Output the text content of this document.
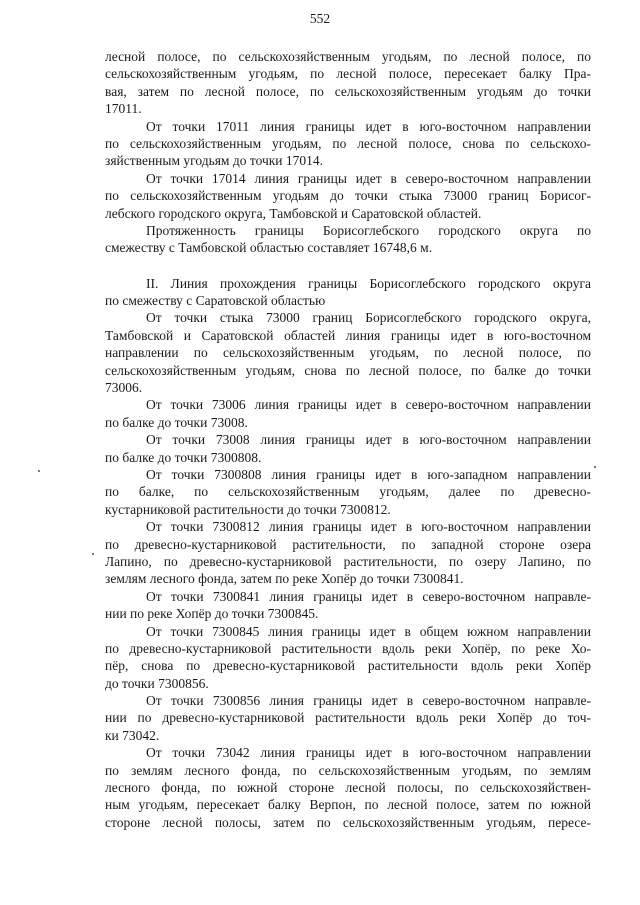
552
лесной полосе, по сельскохозяйственным угодьям, по лесной полосе, по
сельскохозяйственным угодьям, по лесной полосе, пересекает балку Пра-
вая, затем по лесной полосе, по сельскохозяйственным угодьям до точки
17011.
От точки 17011 линия границы идет в юго-восточном направлении
по сельскохозяйственным угодьям, по лесной полосе, снова по сельскохо-
зяйственным угодьям до точки 17014.
От точки 17014 линия границы идет в северо-восточном направлении
по сельскохозяйственным угодьям до точки стыка 73000 границ Борисог-
лебского городского округа, Тамбовской и Саратовской областей.
Протяженность границы Борисоглебского городского округа по
смежеству с Тамбовской областью составляет 16748,6 м.
II. Линия прохождения границы Борисоглебского городского округа
по смежеству с Саратовской областью
От точки стыка 73000 границ Борисоглебского городского округа,
Тамбовской и Саратовской областей линия границы идет в юго-восточном
направлении по сельскохозяйственным угодьям, по лесной полосе, по
сельскохозяйственным угодьям, снова по лесной полосе, по балке до точки
73006.
От точки 73006 линия границы идет в северо-восточном направлении
по балке до точки 73008.
От точки 73008 линия границы идет в юго-восточном направлении
по балке до точки 7300808.
От точки 7300808 линия границы идет в юго-западном направлении
по балке, по сельскохозяйственным угодьям, далее по древесно-
кустарниковой растительности до точки 7300812.
От точки 7300812 линия границы идет в юго-восточном направлении
по древесно-кустарниковой растительности, по западной стороне озера
Лапино, по древесно-кустарниковой растительности, по озеру Лапино, по
землям лесного фонда, затем по реке Хопёр до точки 7300841.
От точки 7300841 линия границы идет в северо-восточном направле-
нии по реке Хопёр до точки 7300845.
От точки 7300845 линия границы идет в общем южном направлении
по древесно-кустарниковой растительности вдоль реки Хопёр, по реке Хо-
пёр, снова по древесно-кустарниковой растительности вдоль реки Хопёр
до точки 7300856.
От точки 7300856 линия границы идет в северо-восточном направле-
нии по древесно-кустарниковой растительности вдоль реки Хопёр до точ-
ки 73042.
От точки 73042 линия границы идет в юго-восточном направлении
по землям лесного фонда, по сельскохозяйственным угодьям, по землям
лесного фонда, по южной стороне лесной полосы, по сельскохозяйствен-
ным угодьям, пересекает балку Верпон, по лесной полосе, затем по южной
стороне лесной полосы, затем по сельскохозяйственным угодьям, пересе-
